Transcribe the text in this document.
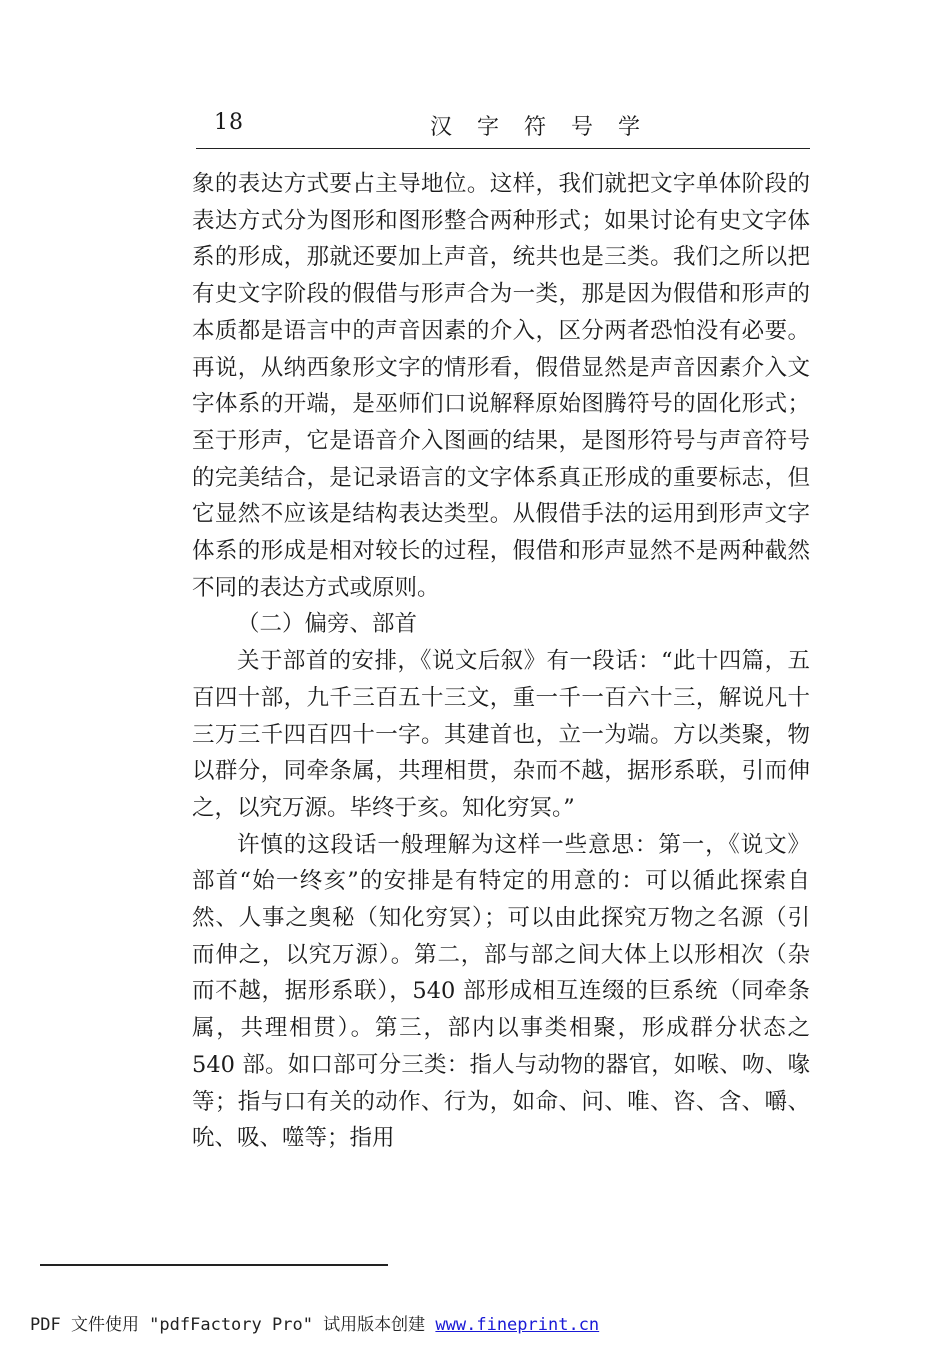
18	汉 字 符 号 学

象的表达方式要占主导地位。这样，我们就把文字单体阶段的表达方式分为图形和图形整合两种形式；如果讨论有史文字体系的形成，那就还要加上声音，统共也是三类。我们之所以把有史文字阶段的假借与形声合为一类，那是因为假借和形声的本质都是语言中的声音因素的介入，区分两者恐怕没有必要。再说，从纳西象形文字的情形看，假借显然是声音因素介入文字体系的开端，是巫师们口说解释原始图腾符号的固化形式；至于形声，它是语音介入图画的结果，是图形符号与声音符号的完美结合，是记录语言的文字体系真正形成的重要标志，但它显然不应该是结构表达类型。从假借手法的运用到形声文字体系的形成是相对较长的过程，假借和形声显然不是两种截然不同的表达方式或原则。

（二）偏旁、部首

关于部首的安排，《说文后叙》有一段话：“此十四篇，五百四十部，九千三百五十三文，重一千一百六十三，解说凡十三万三千四百四十一字。其建首也，立一为端。方以类聚，物以群分，同牵条属，共理相贯，杂而不越，据形系联，引而伸之，以究万源。毕终于亥。知化穷冥。”

许慎的这段话一般理解为这样一些意思：第一，《说文》部首“始一终亥”的安排是有特定的用意的：可以循此探索自然、人事之奥秘（知化穷冥）；可以由此探究万物之名源（引而伸之，以究万源）。第二，部与部之间大体上以形相次（杂而不越，据形系联），540 部形成相互连缀的巨系统（同牵条属，共理相贯）。第三，部内以事类相聚，形成群分状态之 540 部。如口部可分三类：指人与动物的器官，如喉、吻、喙等；指与口有关的动作、行为，如命、问、唯、咨、含、嚼、吮、吸、噬等；指用

PDF 文件使用 "pdfFactory Pro" 试用版本创建 www.fineprint.cn
